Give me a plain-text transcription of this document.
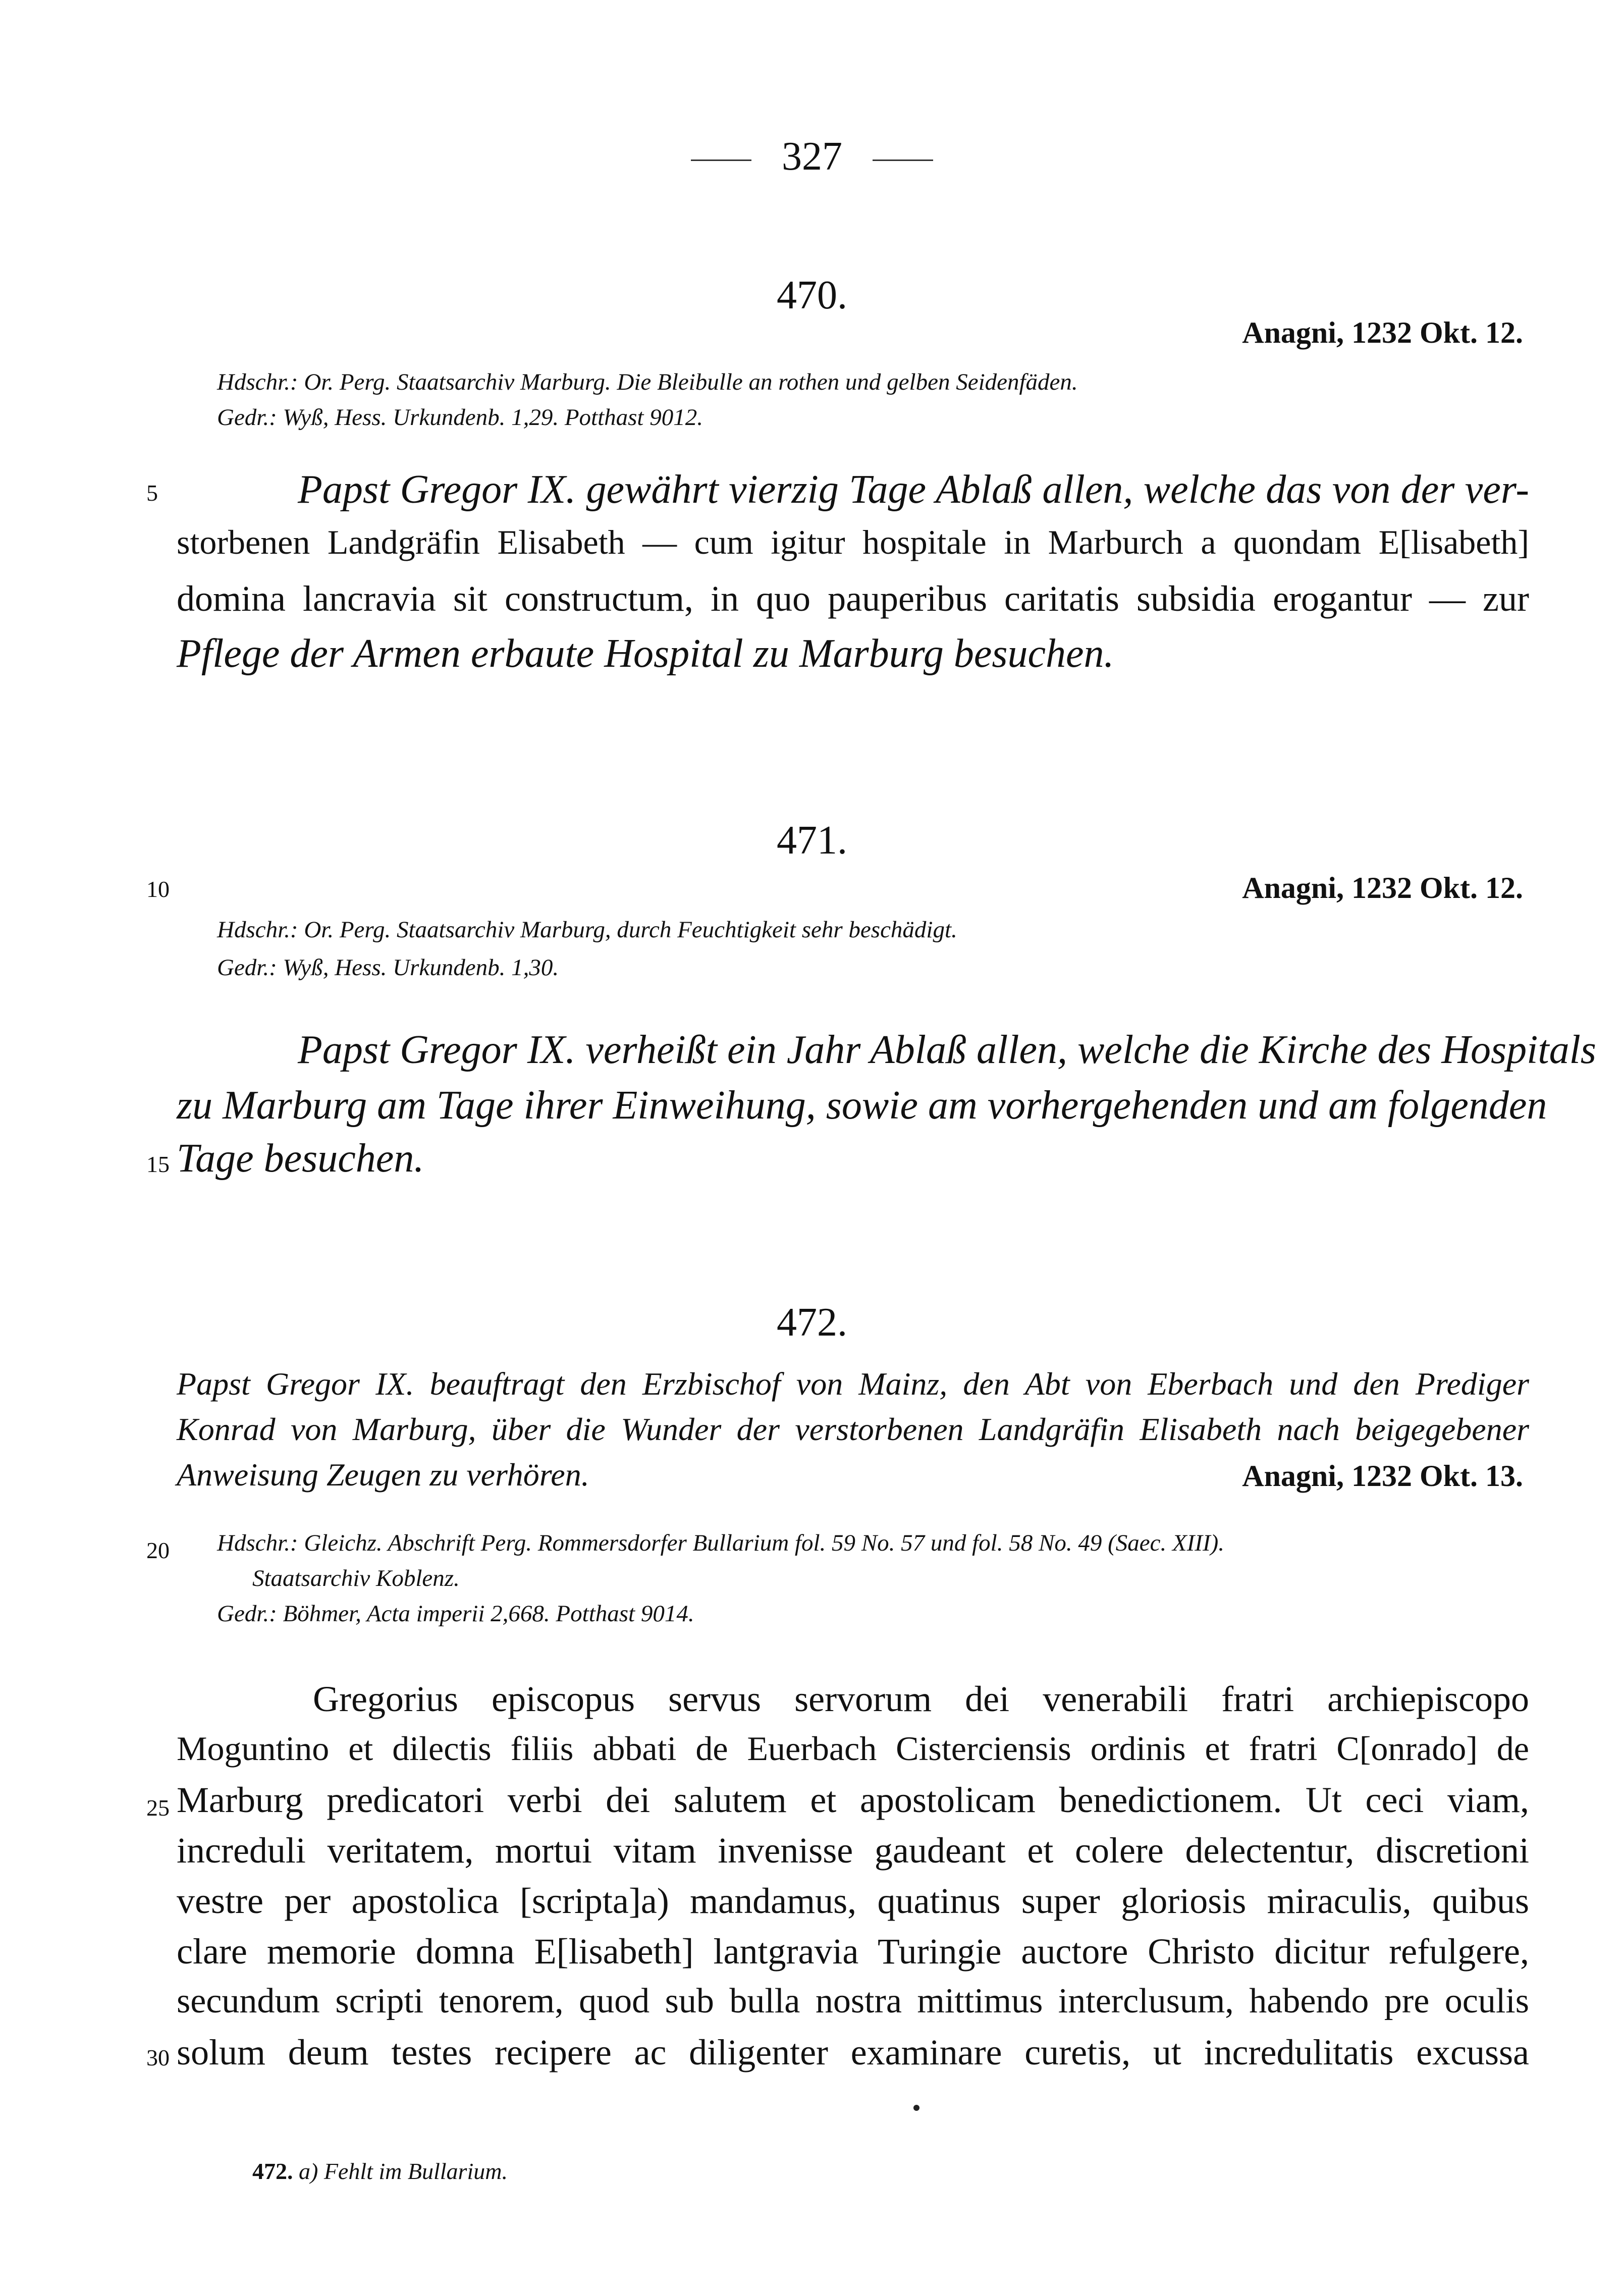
327
470.
Anagni, 1232 Okt. 12.
Hdschr.: Or. Perg. Staatsarchiv Marburg. Die Bleibulle an rothen und gelben Seidenfäden.
Gedr.: Wyß, Hess. Urkundenb. 1,29. Potthast 9012.
5	Papst Gregor IX. gewährt vierzig Tage Ablaß allen, welche das von der ver-
storbenen Landgräfin Elisabeth — cum igitur hospitale in Marburch a quondam E[lisabeth]
domina lancravia sit constructum, in quo pauperibus caritatis subsidia erogantur — zur
Pflege der Armen erbaute Hospital zu Marburg besuchen.
471.
10	Anagni, 1232 Okt. 12.
Hdschr.: Or. Perg. Staatsarchiv Marburg, durch Feuchtigkeit sehr beschädigt.
Gedr.: Wyß, Hess. Urkundenb. 1,30.
Papst Gregor IX. verheißt ein Jahr Ablaß allen, welche die Kirche des Hospitals
zu Marburg am Tage ihrer Einweihung, sowie am vorhergehenden und am folgenden
15 Tage besuchen.
472.
Papst Gregor IX. beauftragt den Erzbischof von Mainz, den Abt von Eberbach und den Prediger
Konrad von Marburg, über die Wunder der verstorbenen Landgräfin Elisabeth nach beigegebener
Anweisung Zeugen zu verhören.	Anagni, 1232 Okt. 13.
20	Hdschr.: Gleichz. Abschrift Perg. Rommersdorfer Bullarium fol. 59 No. 57 und fol. 58 No. 49 (Saec. XIII).
Staatsarchiv Koblenz.
Gedr.: Böhmer, Acta imperii 2,668. Potthast 9014.
Gregorius episcopus servus servorum dei venerabili fratri archiepiscopo
Moguntino et dilectis filiis abbati de Euerbach Cisterciensis ordinis et fratri C[onrado] de
25 Marburg predicatori verbi dei salutem et apostolicam benedictionem. Ut ceci viam,
increduli veritatem, mortui vitam invenisse gaudeant et colere delectentur, discretioni
vestre per apostolica [scripta]a) mandamus, quatinus super gloriosis miraculis, quibus
clare memorie domna E[lisabeth] lantgravia Turingie auctore Christo dicitur refulgere,
secundum scripti tenorem, quod sub bulla nostra mittimus interclusum, habendo pre oculis
30 solum deum testes recipere ac diligenter examinare curetis, ut incredulitatis excussa
472. a) Fehlt im Bullarium.
